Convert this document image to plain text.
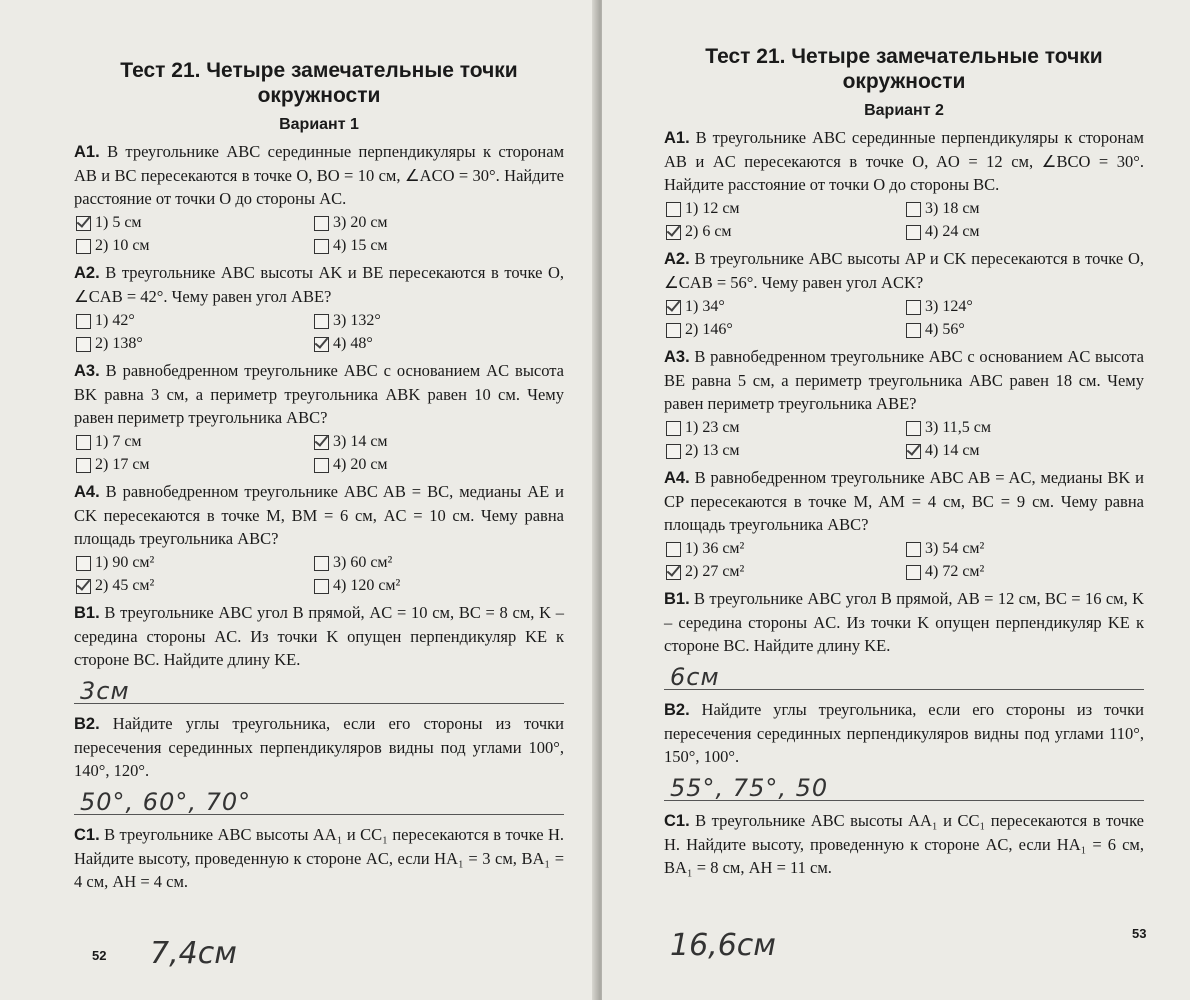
Тест 21. Четыре замечательные точки окружности
Вариант 1

А1. В треугольнике ABC серединные перпендикуляры к сторонам AB и BC пересекаются в точке O, BO = 10 см, ∠ACO = 30°. Найдите расстояние от точки O до стороны AC.

1) 5 см	3) 20 см
2) 10 см	4) 15 см

А2. В треугольнике ABC высоты AK и BE пересекаются в точке O, ∠CAB = 42°. Чему равен угол ABE?

1) 42°	3) 132°
2) 138°	4) 48°

А3. В равнобедренном треугольнике ABC с основанием AC высота BK равна 3 см, а периметр треугольника ABK равен 10 см. Чему равен периметр треугольника ABC?

1) 7 см	3) 14 см
2) 17 см	4) 20 см

А4. В равнобедренном треугольнике ABC AB = BC, медианы AE и CK пересекаются в точке M, BM = 6 см, AC = 10 см. Чему равна площадь треугольника ABC?

1) 90 см²	3) 60 см²
2) 45 см²	4) 120 см²

В1. В треугольнике ABC угол B прямой, AC = 10 см, BC = 8 см, K – середина стороны AC. Из точки K опущен перпендикуляр KE к стороне BC. Найдите длину KE.

3см

В2. Найдите углы треугольника, если его стороны из точки пересечения серединных перпендикуляров видны под углами 100°, 140°, 120°.

50°, 60°, 70°

С1. В треугольнике ABC высоты AA₁ и CC₁ пересекаются в точке H. Найдите высоту, проведенную к стороне AC, если HA₁ = 3 см, BA₁ = 4 см, AH = 4 см.

52 7,4см
Тест 21. Четыре замечательные точки окружности
Вариант 2

А1. В треугольнике ABC серединные перпендикуляры к сторонам AB и AC пересекаются в точке O, AO = 12 см, ∠BCO = 30°. Найдите расстояние от точки O до стороны BC.

1) 12 см	3) 18 см
2) 6 см	4) 24 см

А2. В треугольнике ABC высоты AP и CK пересекаются в точке O, ∠CAB = 56°. Чему равен угол ACK?

1) 34°	3) 124°
2) 146°	4) 56°

А3. В равнобедренном треугольнике ABC с основанием AC высота BE равна 5 см, а периметр треугольника ABC равен 18 см. Чему равен периметр треугольника ABE?

1) 23 см	3) 11,5 см
2) 13 см	4) 14 см

А4. В равнобедренном треугольнике ABC AB = AC, медианы BK и CP пересекаются в точке M, AM = 4 см, BC = 9 см. Чему равна площадь треугольника ABC?

1) 36 см²	3) 54 см²
2) 27 см²	4) 72 см²

В1. В треугольнике ABC угол B прямой, AB = 12 см, BC = 16 см, K – середина стороны AC. Из точки K опущен перпендикуляр KE к стороне BC. Найдите длину KE.

6см

В2. Найдите углы треугольника, если его стороны из точки пересечения серединных перпендикуляров видны под углами 110°, 150°, 100°.

55°, 75°, 50

С1. В треугольнике ABC высоты AA₁ и CC₁ пересекаются в точке H. Найдите высоту, проведенную к стороне AC, если HA₁ = 6 см, BA₁ = 8 см, AH = 11 см.

53
16,6см
